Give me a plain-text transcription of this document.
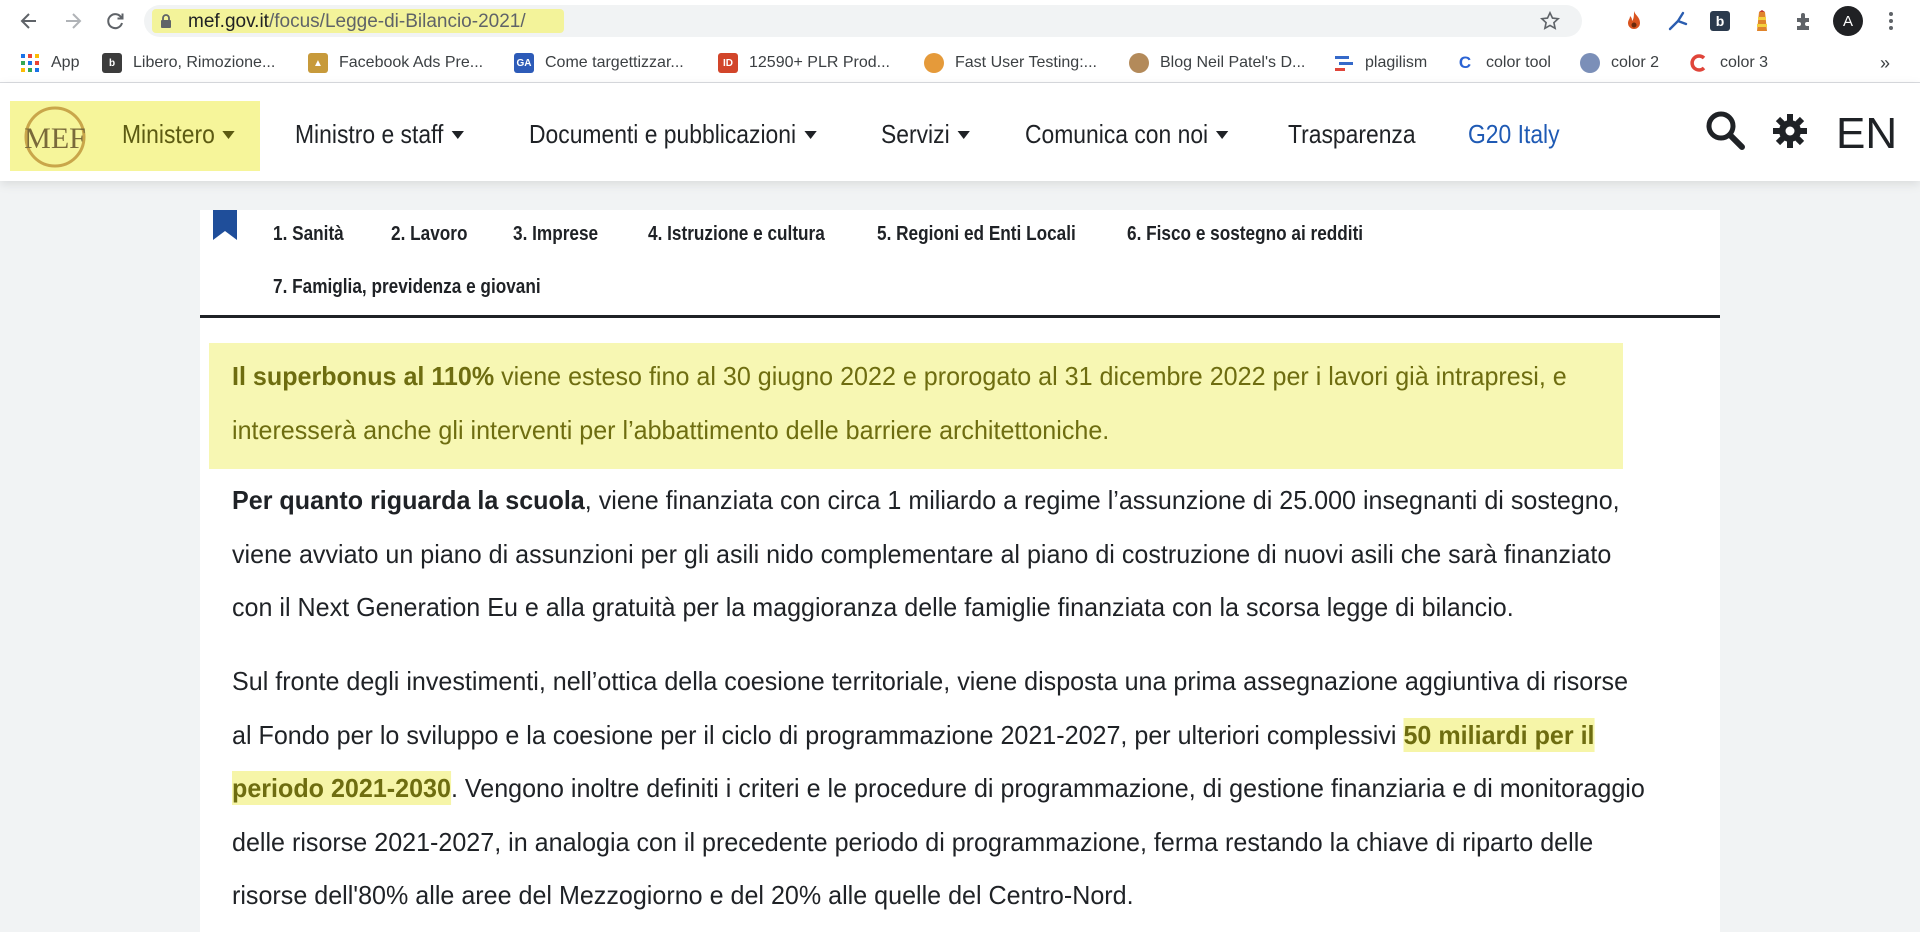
mef.gov.it/focus/Legge-di-Bilancio-2021/	b	A
App	b	Libero, Rimozione...	▲	Facebook Ads Pre...	GA Come targettizzar...	ID	12590+ PLR Prod...	Fast User Testing:...	Blog Neil Patel's D...	plagilism C color tool	color 2	color 3	»
MEF Ministero	Ministro e staff	Documenti e pubblicazioni	Servizi	Comunica con noi	Trasparenza G20 Italy	EN
1. Sanità 2. Lavoro 3. Imprese 4. Istruzione e cultura	5. Regioni ed Enti Locali	6. Fisco e sostegno ai redditi
7. Famiglia, previdenza e giovani
Il superbonus al 110% viene esteso fino al 30 giugno 2022 e prorogato al 31 dicembre 2022 per i lavori già intrapresi, e interesserà anche gli interventi per l’abbattimento delle barriere architettoniche.
Per quanto riguarda la scuola, viene finanziata con circa 1 miliardo a regime l’assunzione di 25.000 insegnanti di sostegno, viene avviato un piano di assunzioni per gli asili nido complementare al piano di costruzione di nuovi asili che sarà finanziato con il Next Generation Eu e alla gratuità per la maggioranza delle famiglie finanziata con la scorsa legge di bilancio.
Sul fronte degli investimenti, nell’ottica della coesione territoriale, viene disposta una prima assegnazione aggiuntiva di risorse al Fondo per lo sviluppo e la coesione per il ciclo di programmazione 2021-2027, per ulteriori complessivi 50 miliardi per il periodo 2021-2030. Vengono inoltre definiti i criteri e le procedure di programmazione, di gestione finanziaria e di monitoraggio delle risorse 2021-2027, in analogia con il precedente periodo di programmazione, ferma restando la chiave di riparto delle risorse dell'80% alle aree del Mezzogiorno e del 20% alle quelle del Centro-Nord.
